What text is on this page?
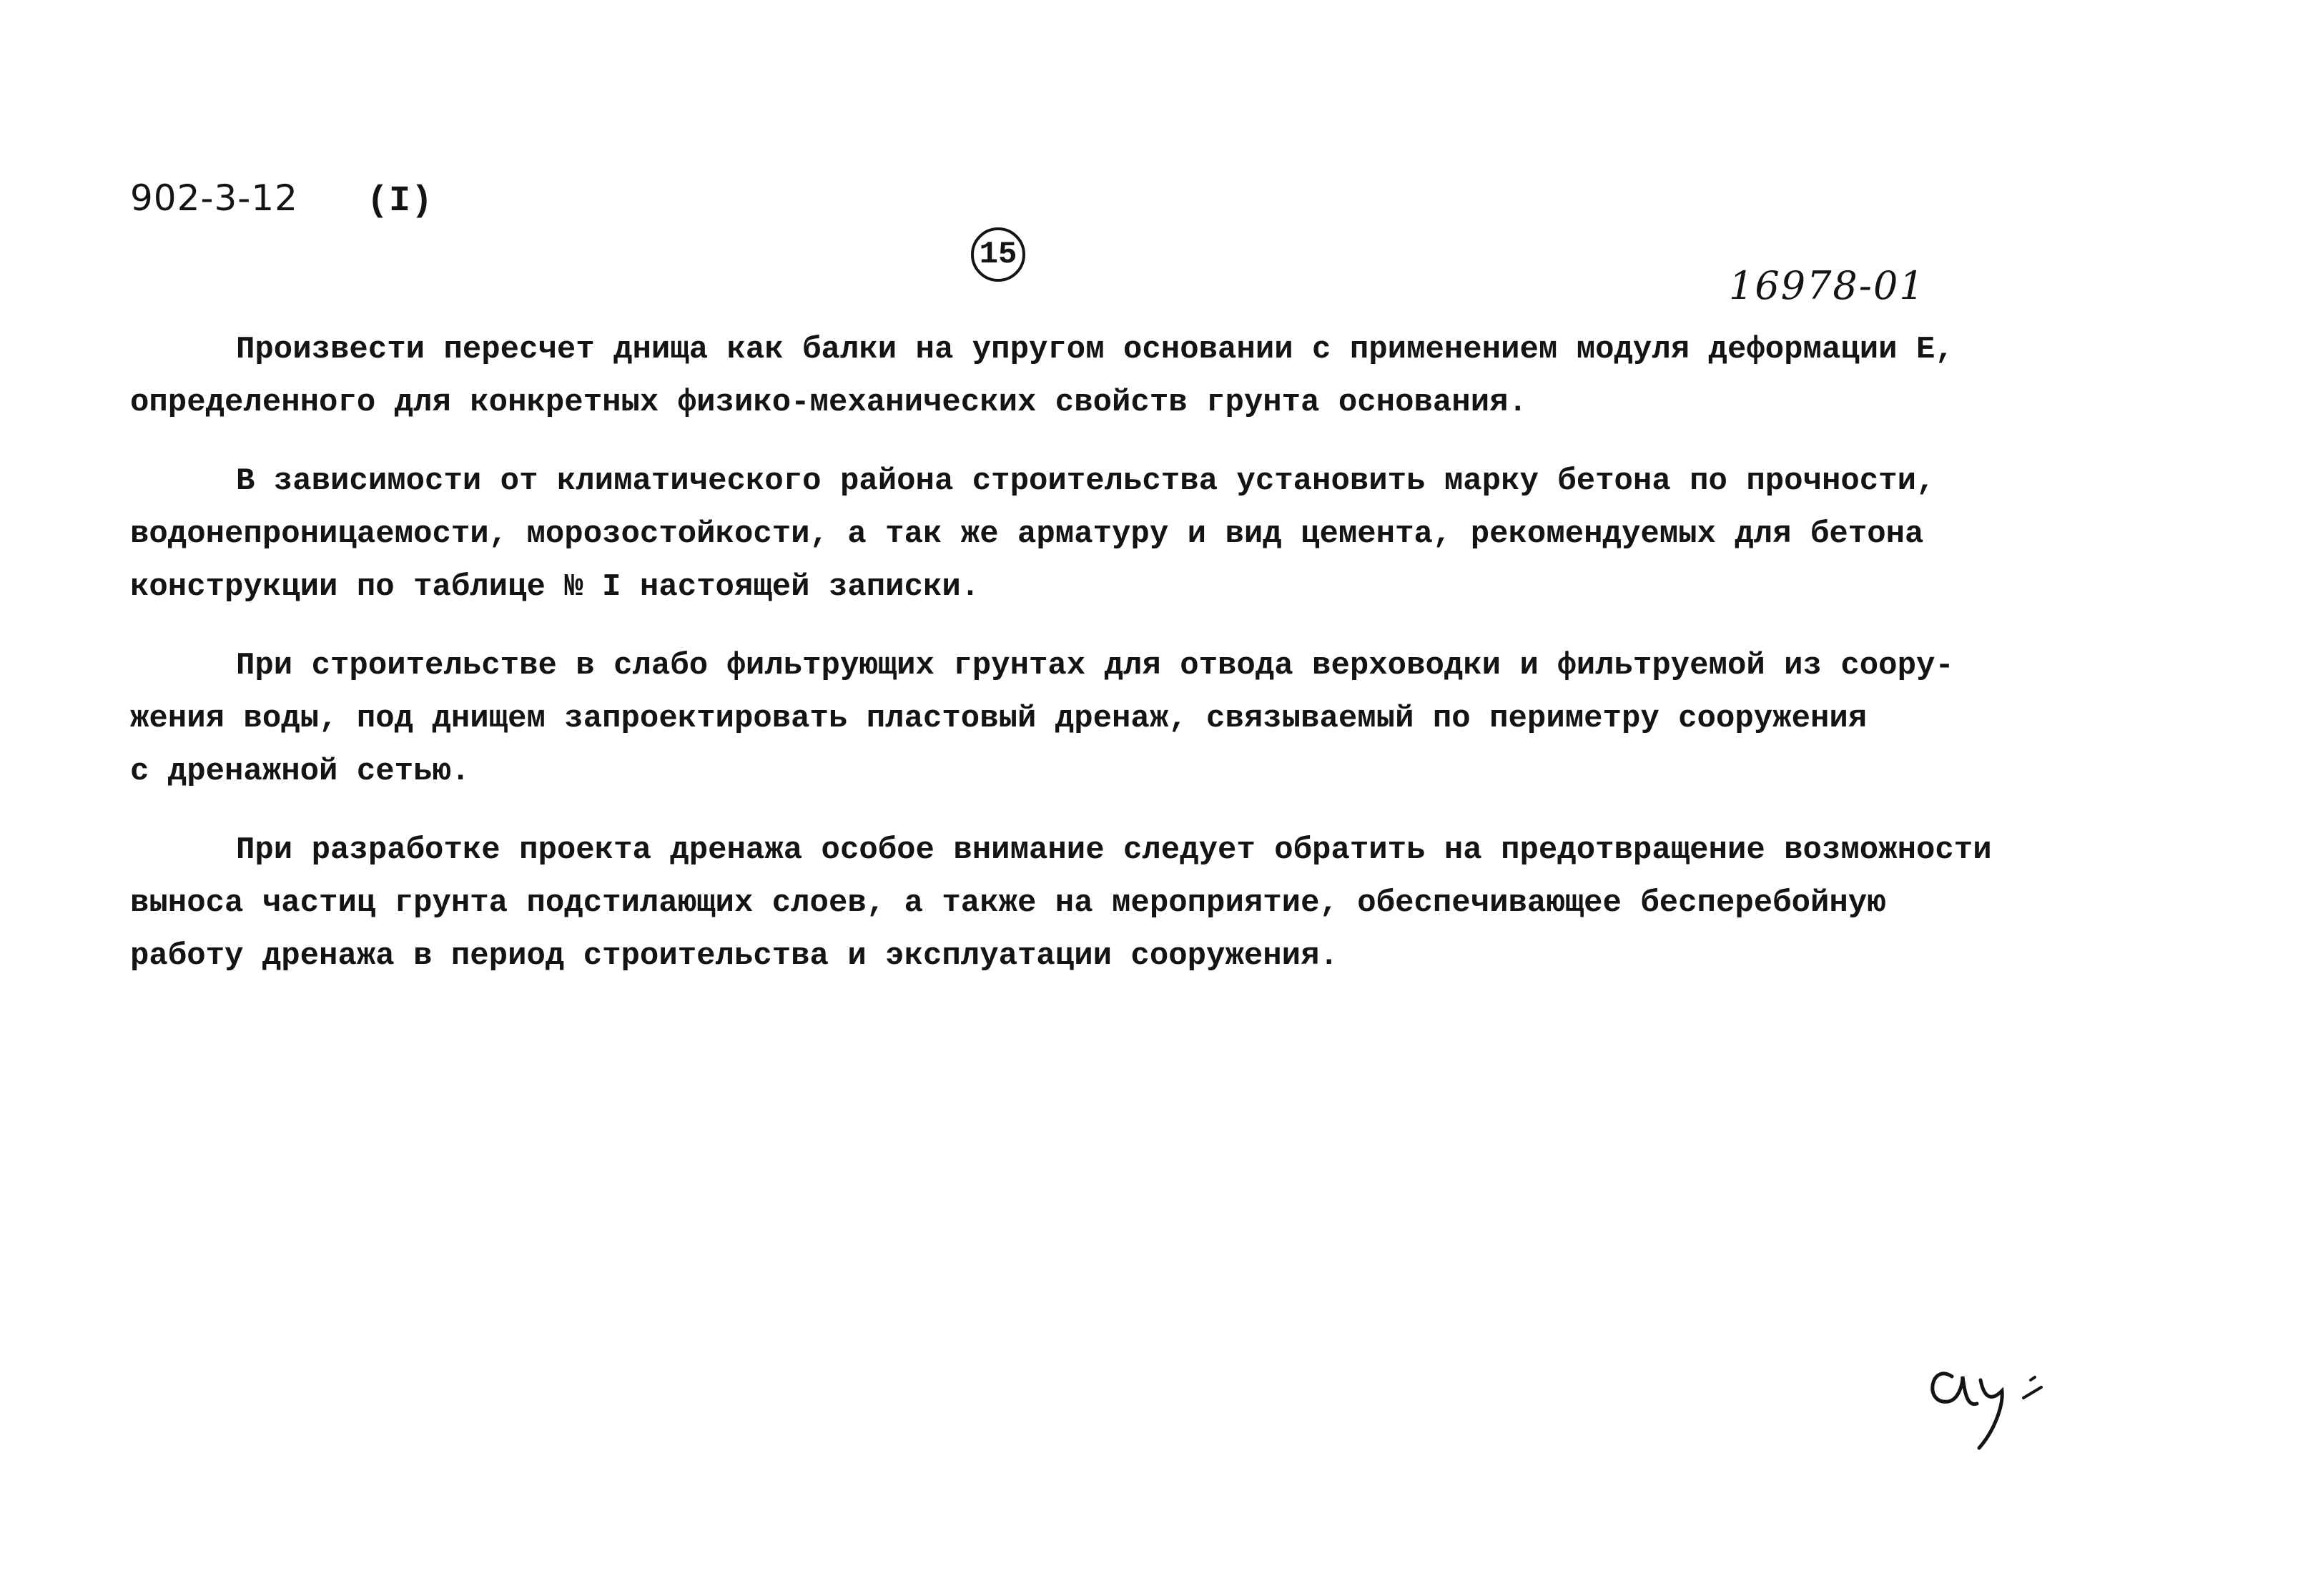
902-3-12 (I)
15
16978-01

Произвести пересчет днища как балки на упругом основании с применением модуля деформации Е,
определенного для конкретных физико-механических свойств грунта основания.

В зависимости от климатического района строительства установить марку бетона по прочности,
водонепроницаемости, морозостойкости, а так же арматуру и вид цемента, рекомендуемых для бетона
конструкции по таблице № I настоящей записки.

При строительстве в слабо фильтрующих грунтах для отвода верховодки и фильтруемой из соору-
жения воды, под днищем запроектировать пластовый дренаж, связываемый по периметру сооружения
с дренажной сетью.

При разработке проекта дренажа особое внимание следует обратить на предотвращение возможности
выноса частиц грунта подстилающих слоев, а также на мероприятие, обеспечивающее бесперебойную
работу дренажа в период строительства и эксплуатации сооружения.
